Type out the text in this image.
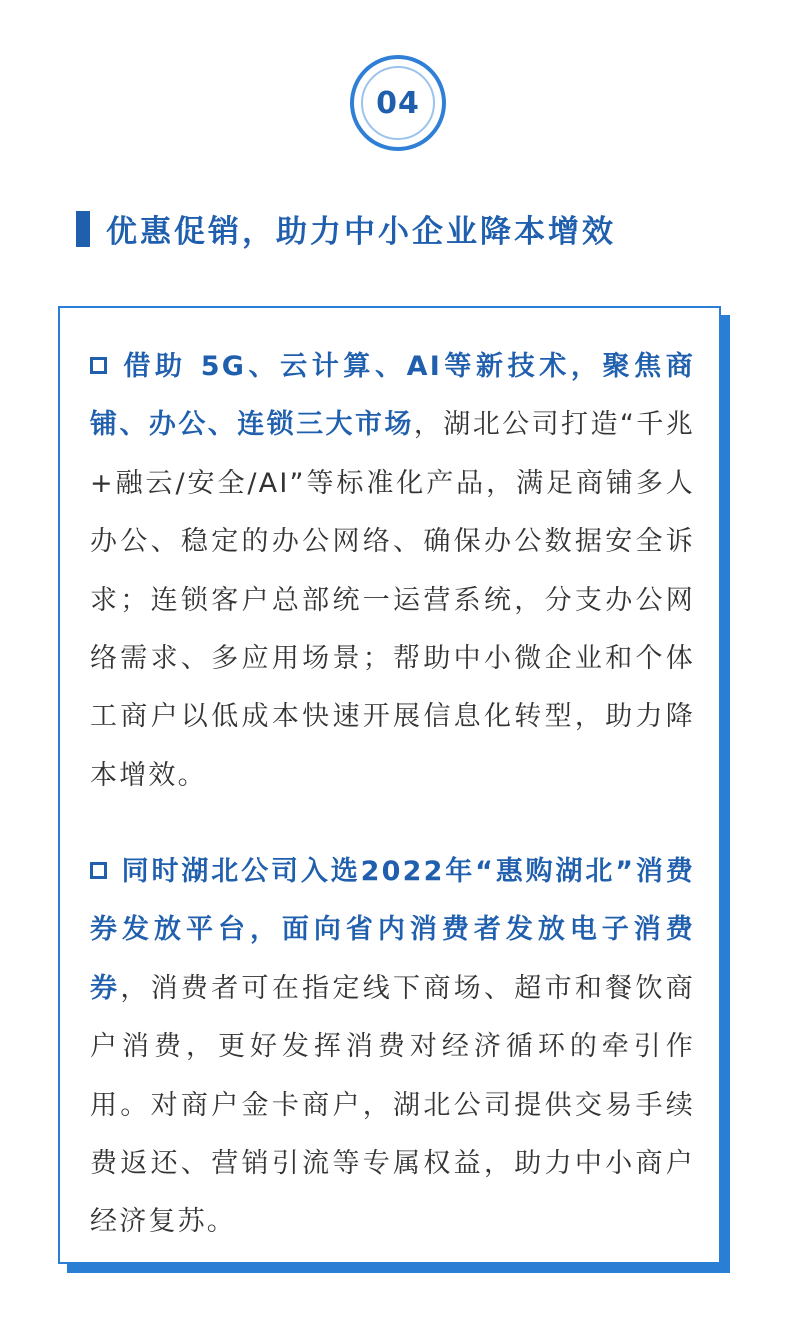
04
优惠促销，助力中小企业降本增效

借助 5G、云计算、AI等新技术，聚焦商铺、办公、连锁三大市场，湖北公司打造“千兆+融云/安全/AI”等标准化产品，满足商铺多人办公、稳定的办公网络、确保办公数据安全诉求；连锁客户总部统一运营系统，分支办公网络需求、多应用场景；帮助中小微企业和个体工商户以低成本快速开展信息化转型，助力降本增效。

同时湖北公司入选2022年“惠购湖北”消费券发放平台，面向省内消费者发放电子消费券，消费者可在指定线下商场、超市和餐饮商户消费，更好发挥消费对经济循环的牵引作用。对商户金卡商户，湖北公司提供交易手续费返还、营销引流等专属权益，助力中小商户经济复苏。
